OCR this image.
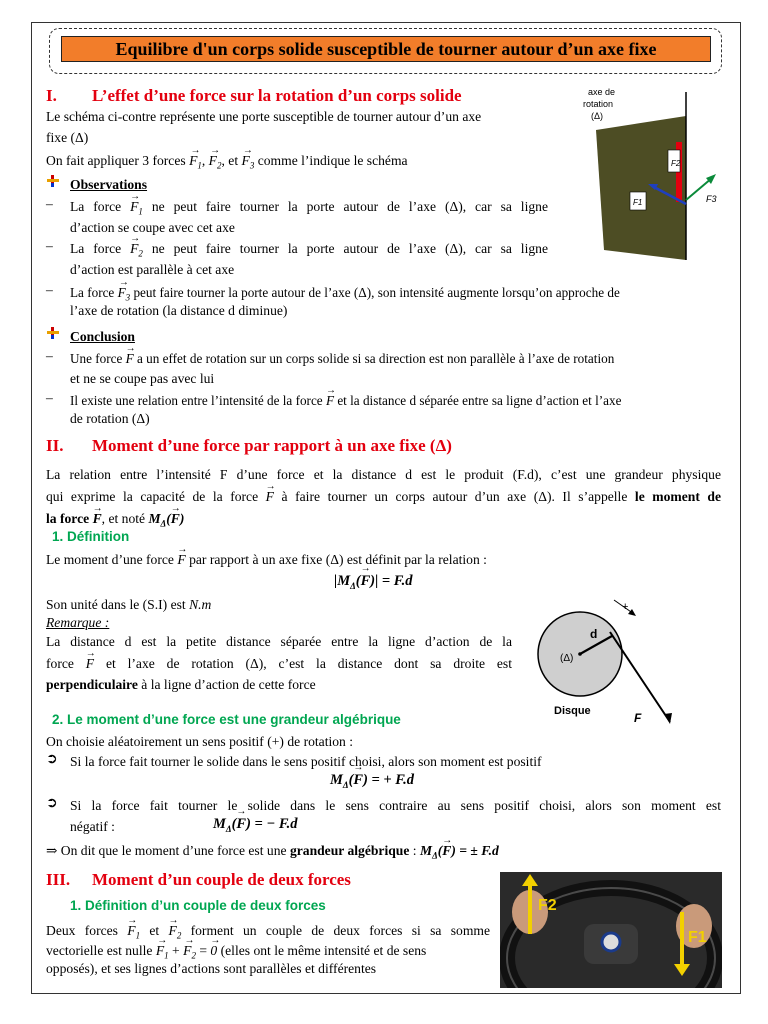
Equilibre d'un corps solide susceptible de tourner autour d’un axe fixe
I. L’effet d’une force sur la rotation d’un corps solide
Le schéma ci-contre représente une porte susceptible de tourner autour d’un axe
fixe (Δ)
On fait appliquer 3 forces → $F_1$, → $F_2$, et → $F_3$ comme l’indique le schéma
axe de
rotation
(Δ)
F2
F1	F3
Observations
– La force → $F_1$ ne peut faire tourner la porte autour de l’axe (Δ), car sa ligne
d’action se coupe avec cet axe
– La force → $F_2$ ne peut faire tourner la porte autour de l’axe (Δ), car sa ligne
d’action est parallèle à cet axe
– La force → $F_3$ peut faire tourner la porte autour de l’axe (Δ), son intensité augmente lorsqu’on approche de
l’axe de rotation (la distance d diminue)
Conclusion
– Une force → F a un effet de rotation sur un corps solide si sa direction est non parallèle à l’axe de rotation
et ne se coupe pas avec lui
– Il existe une relation entre l’intensité de la force → F et la distance d séparée entre sa ligne d’action et l’axe
de rotation (Δ)
II. Moment d’une force par rapport à un axe fixe (Δ)
La relation entre l’intensité F d’une force et la distance d est le produit (F.d), c’est une grandeur physique
qui exprime la capacité de la force → F à faire tourner un corps autour d’un axe (Δ). Il s’appelle le moment de
la force → F, et noté $M_\Delta(\to F)$
1. Définition
Le moment d’une force → F par rapport à un axe fixe (Δ) est définit par la relation :
$|M_\Delta(\to F)| = F.d$
Son unité dans le (S.I) est N.m
Remarque :
La distance d est la petite distance séparée entre la ligne d’action de la
force → F et l’axe de rotation (Δ), c’est la distance dont sa droite est
perpendiculaire à la ligne d’action de cette force
(Δ)
d
F
+
Disque
2. Le moment d’une force est une grandeur algébrique
On choisie aléatoirement un sens positif (+) de rotation :
➲ Si la force fait tourner le solide dans le sens positif choisi, alors son moment est positif
$M_\Delta(\to F)$ = + F.d
➲ Si la force fait tourner le solide dans le sens contraire au sens positif choisi, alors son moment est
négatif :	$M_\Delta(\to F)$ = − F.d
⇒ On dit que le moment d’une force est une grandeur algébrique : $M_\Delta(\to F)$ = ± F.d
III. Moment d’un couple de deux forces
1. Définition d’un couple de deux forces
Deux forces → $F_1$ et → $F_2$ forment un couple de deux forces si sa somme
vectorielle est nulle → $F_1$ + → $F_2$ = → 0 (elles ont le même intensité et de sens
opposés), et ses lignes d’actions sont parallèles et différentes
F2
F1
